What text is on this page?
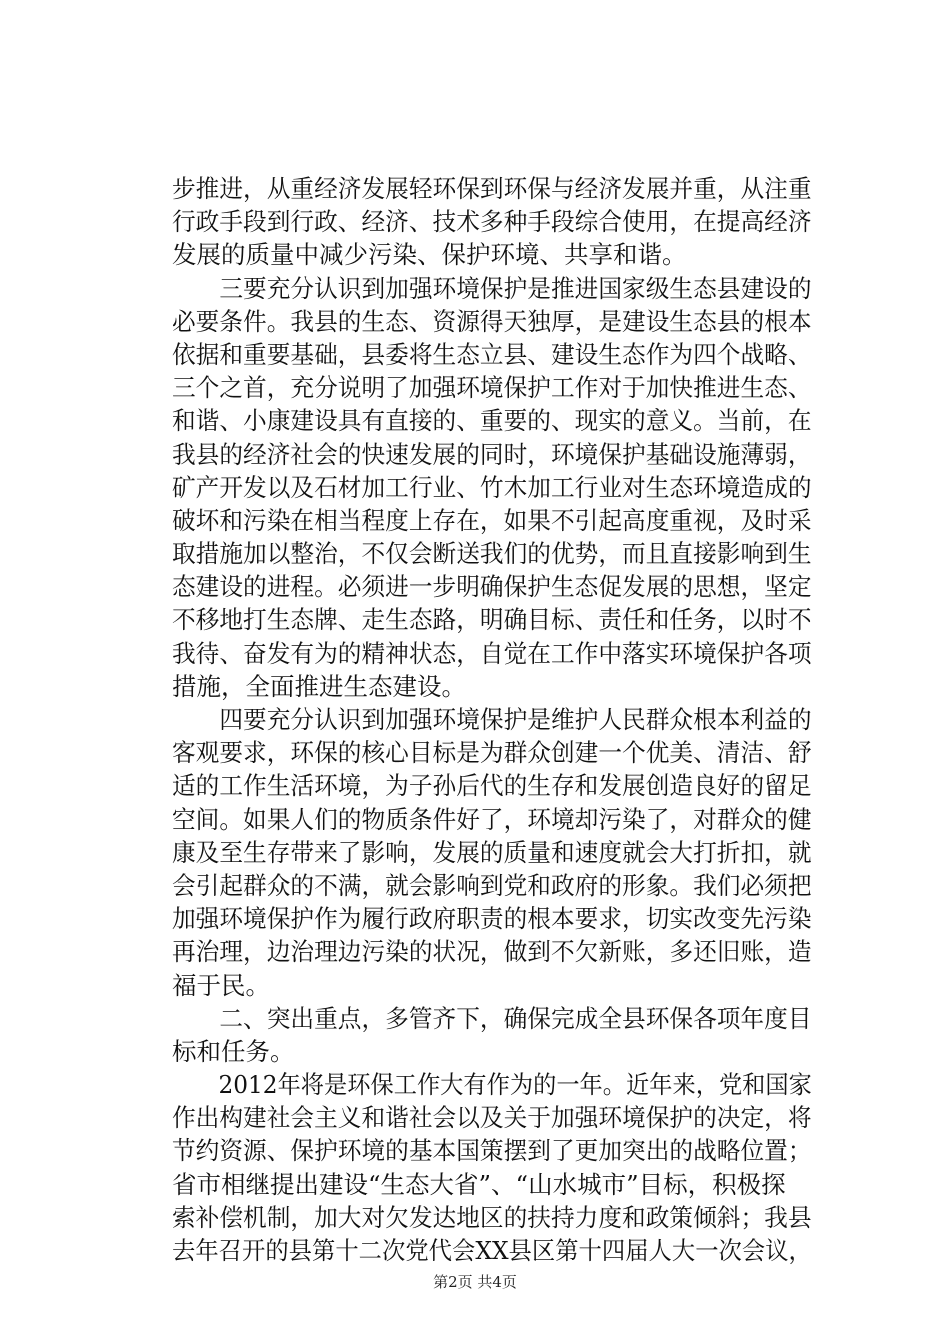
步推进，从重经济发展轻环保到环保与经济发展并重，从注重
行政手段到行政、经济、技术多种手段综合使用，在提高经济
发展的质量中减少污染、保护环境、共享和谐。
　　三要充分认识到加强环境保护是推进国家级生态县建设的
必要条件。我县的生态、资源得天独厚，是建设生态县的根本
依据和重要基础，县委将生态立县、建设生态作为四个战略、
三个之首，充分说明了加强环境保护工作对于加快推进生态、
和谐、小康建设具有直接的、重要的、现实的意义。当前，在
我县的经济社会的快速发展的同时，环境保护基础设施薄弱，
矿产开发以及石材加工行业、竹木加工行业对生态环境造成的
破坏和污染在相当程度上存在，如果不引起高度重视，及时采
取措施加以整治，不仅会断送我们的优势，而且直接影响到生
态建设的进程。必须进一步明确保护生态促发展的思想，坚定
不移地打生态牌、走生态路，明确目标、责任和任务，以时不
我待、奋发有为的精神状态，自觉在工作中落实环境保护各项
措施，全面推进生态建设。
　　四要充分认识到加强环境保护是维护人民群众根本利益的
客观要求，环保的核心目标是为群众创建一个优美、清洁、舒
适的工作生活环境，为子孙后代的生存和发展创造良好的留足
空间。如果人们的物质条件好了，环境却污染了，对群众的健
康及至生存带来了影响，发展的质量和速度就会大打折扣，就
会引起群众的不满，就会影响到党和政府的形象。我们必须把
加强环境保护作为履行政府职责的根本要求，切实改变先污染
再治理，边治理边污染的状况，做到不欠新账，多还旧账，造
福于民。
　　二、突出重点，多管齐下，确保完成全县环保各项年度目
标和任务。
　　2012年将是环保工作大有作为的一年。近年来，党和国家
作出构建社会主义和谐社会以及关于加强环境保护的决定，将
节约资源、保护环境的基本国策摆到了更加突出的战略位置；
省市相继提出建设“生态大省”、“山水城市”目标，积极探
索补偿机制，加大对欠发达地区的扶持力度和政策倾斜；我县
去年召开的县第十二次党代会XX县区第十四届人大一次会议，
第2页 共4页
